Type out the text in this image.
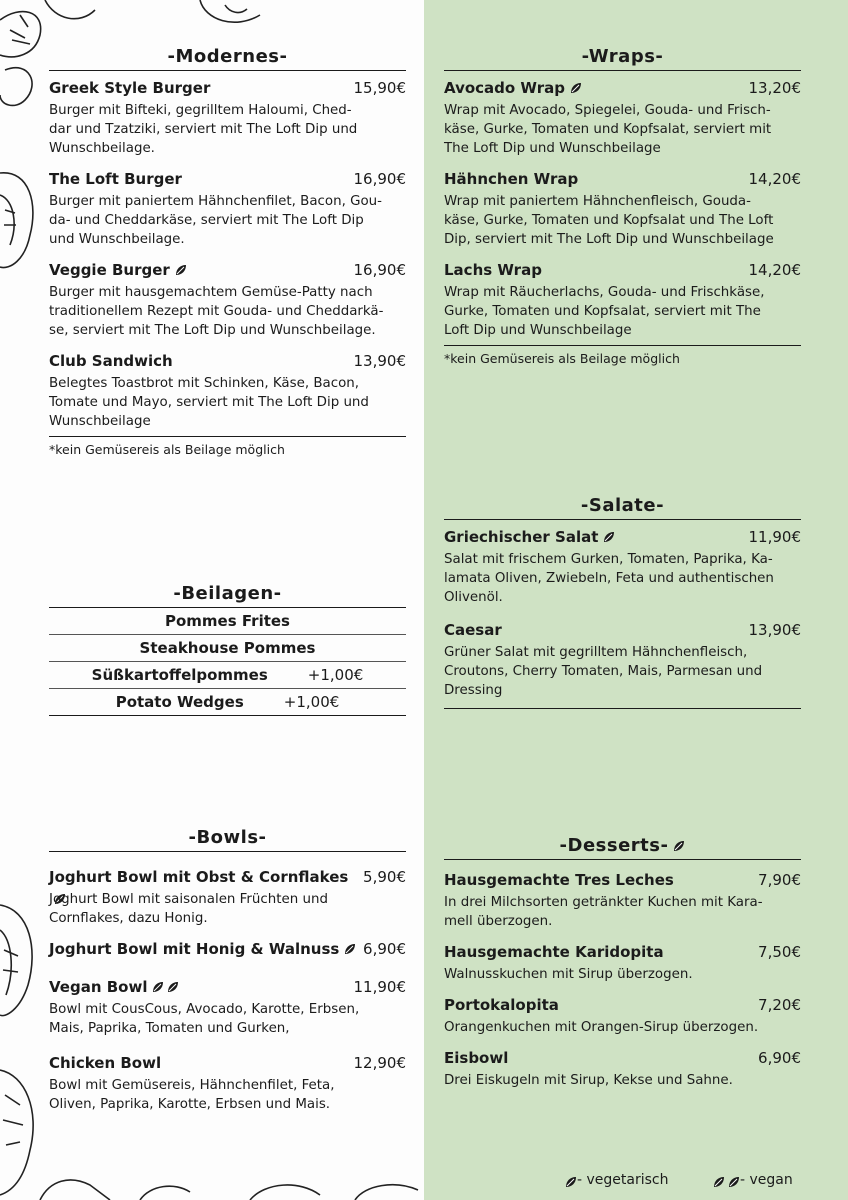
-Modernes-
Greek Style Burger	15,90€
Burger mit Bifteki, gegrilltem Haloumi, Ched-
dar und Tzatziki, serviert mit The Loft Dip und
Wunschbeilage.
The Loft Burger	16,90€
Burger mit paniertem Hähnchenfilet, Bacon, Gou-
da- und Cheddarkäse, serviert mit The Loft Dip
und Wunschbeilage.
Veggie Burger	16,90€
Burger mit hausgemachtem Gemüse-Patty nach
traditionellem Rezept mit Gouda- und Cheddarkä-
se, serviert mit The Loft Dip und Wunschbeilage.
Club Sandwich	13,90€
Belegtes Toastbrot mit Schinken, Käse, Bacon,
Tomate und Mayo, serviert mit The Loft Dip und
Wunschbeilage
*kein Gemüsereis als Beilage möglich
-Beilagen-
Pommes Frites
Steakhouse Pommes
Süßkartoffelpommes	+1,00€
Potato Wedges	+1,00€
-Bowls-
Joghurt Bowl mit Obst & Cornflakes 5,90€
Joghurt Bowl mit saisonalen Früchten und
Cornflakes, dazu Honig.
Joghurt Bowl mit Honig & Walnuss	6,90€
Vegan Bowl	11,90€
Bowl mit CousCous, Avocado, Karotte, Erbsen,
Mais, Paprika, Tomaten und Gurken,
Chicken Bowl	12,90€
Bowl mit Gemüsereis, Hähnchenfilet, Feta,
Oliven, Paprika, Karotte, Erbsen und Mais.
-Wraps-
Avocado Wrap	13,20€
Wrap mit Avocado, Spiegelei, Gouda- und Frisch-
käse, Gurke, Tomaten und Kopfsalat, serviert mit
The Loft Dip und Wunschbeilage
Hähnchen Wrap	14,20€
Wrap mit paniertem Hähnchenfleisch, Gouda-
käse, Gurke, Tomaten und Kopfsalat und The Loft
Dip, serviert mit The Loft Dip und Wunschbeilage
Lachs Wrap	14,20€
Wrap mit Räucherlachs, Gouda- und Frischkäse,
Gurke, Tomaten und Kopfsalat, serviert mit The
Loft Dip und Wunschbeilage
*kein Gemüsereis als Beilage möglich
-Salate-
Griechischer Salat	11,90€
Salat mit frischem Gurken, Tomaten, Paprika, Ka-
lamata Oliven, Zwiebeln, Feta und authentischen
Olivenöl.
Caesar	13,90€
Grüner Salat mit gegrilltem Hähnchenfleisch,
Croutons, Cherry Tomaten, Mais, Parmesan und
Dressing
-Desserts-
Hausgemachte Tres Leches	7,90€
In drei Milchsorten getränkter Kuchen mit Kara-
mell überzogen.
Hausgemachte Karidopita	7,50€
Walnusskuchen mit Sirup überzogen.
Portokalopita	7,20€
Orangenkuchen mit Orangen-Sirup überzogen.
Eisbowl	6,90€
Drei Eiskugeln mit Sirup, Kekse und Sahne.
- vegetarisch	- vegan
